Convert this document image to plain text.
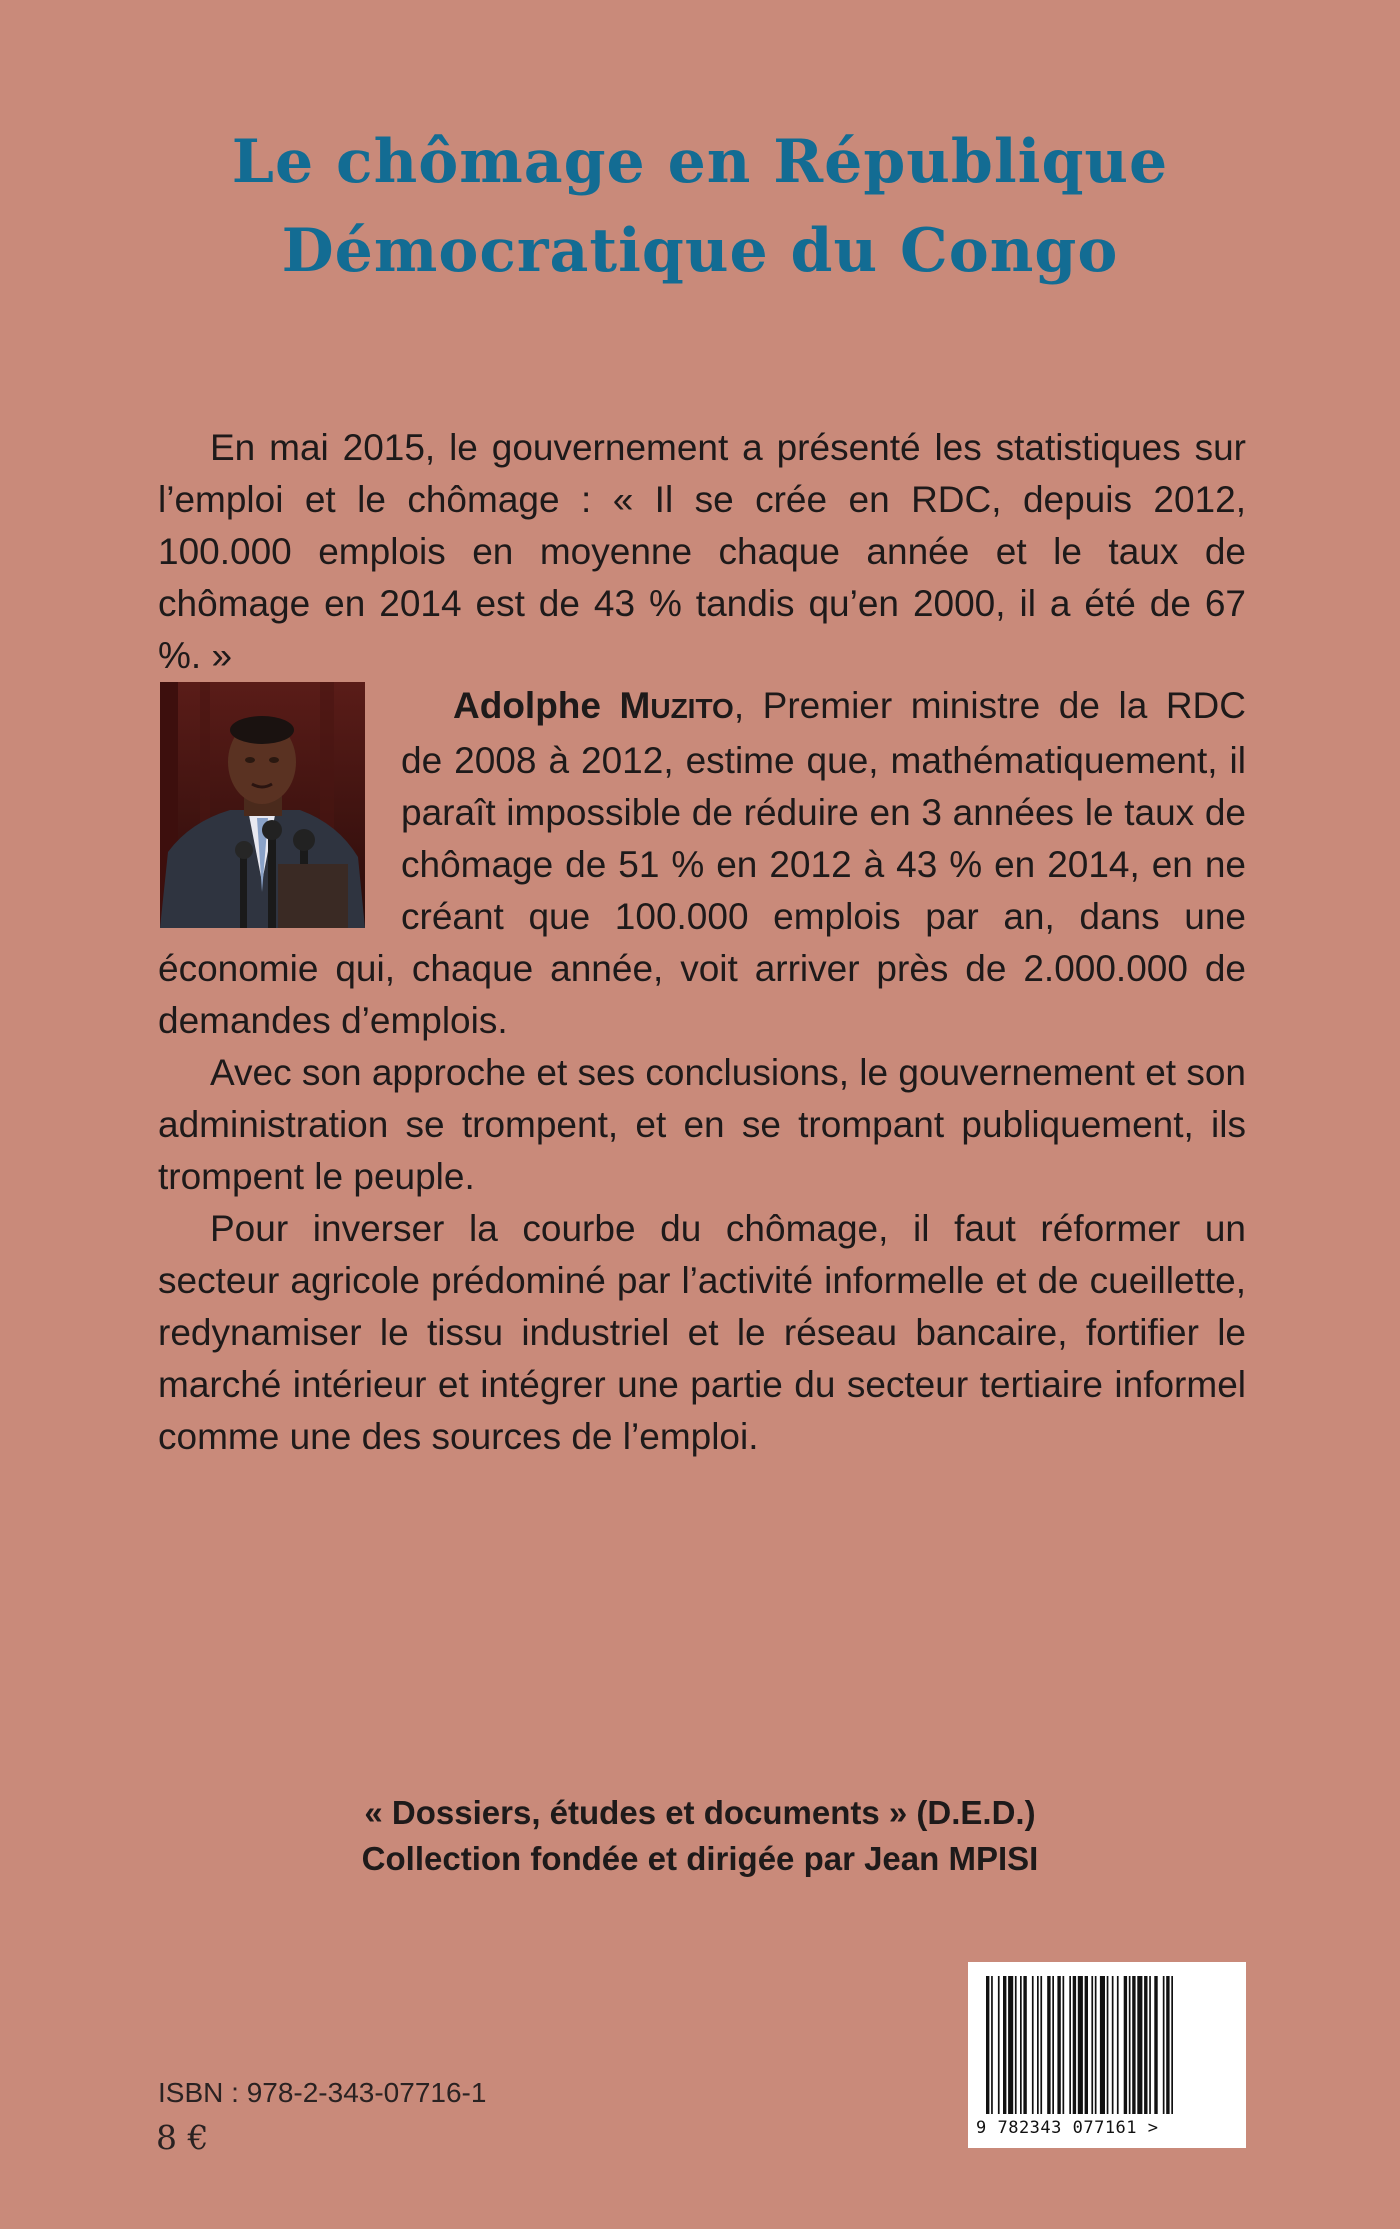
Le chômage en République
Démocratique du Congo

En mai 2015, le gouvernement a présenté les statistiques sur l’emploi et le chômage : « Il se crée en RDC, depuis 2012, 100.000 emplois en moyenne chaque année et le taux de chômage en 2014 est de 43 % tandis qu’en 2000, il a été de 67 %. »

Adolphe MUZITO, Premier ministre de la RDC de 2008 à 2012, estime que, mathématiquement, il paraît impossible de réduire en 3 années le taux de chômage de 51 % en 2012 à 43 % en 2014, en ne créant que 100.000 emplois par an, dans une économie qui, chaque année, voit arriver près de 2.000.000 de demandes d’emplois.

Avec son approche et ses conclusions, le gouvernement et son administration se trompent, et en se trompant publiquement, ils trompent le peuple.

Pour inverser la courbe du chômage, il faut réformer un secteur agricole prédominé par l’activité informelle et de cueillette, redynamiser le tissu industriel et le réseau bancaire, fortifier le marché intérieur et intégrer une partie du secteur tertiaire informel comme une des sources de l’emploi.

« Dossiers, études et documents » (D.E.D.)
Collection fondée et dirigée par Jean MPISI
ISBN : 978-2-343-07716-1
8 €	9 782343 077161 >
